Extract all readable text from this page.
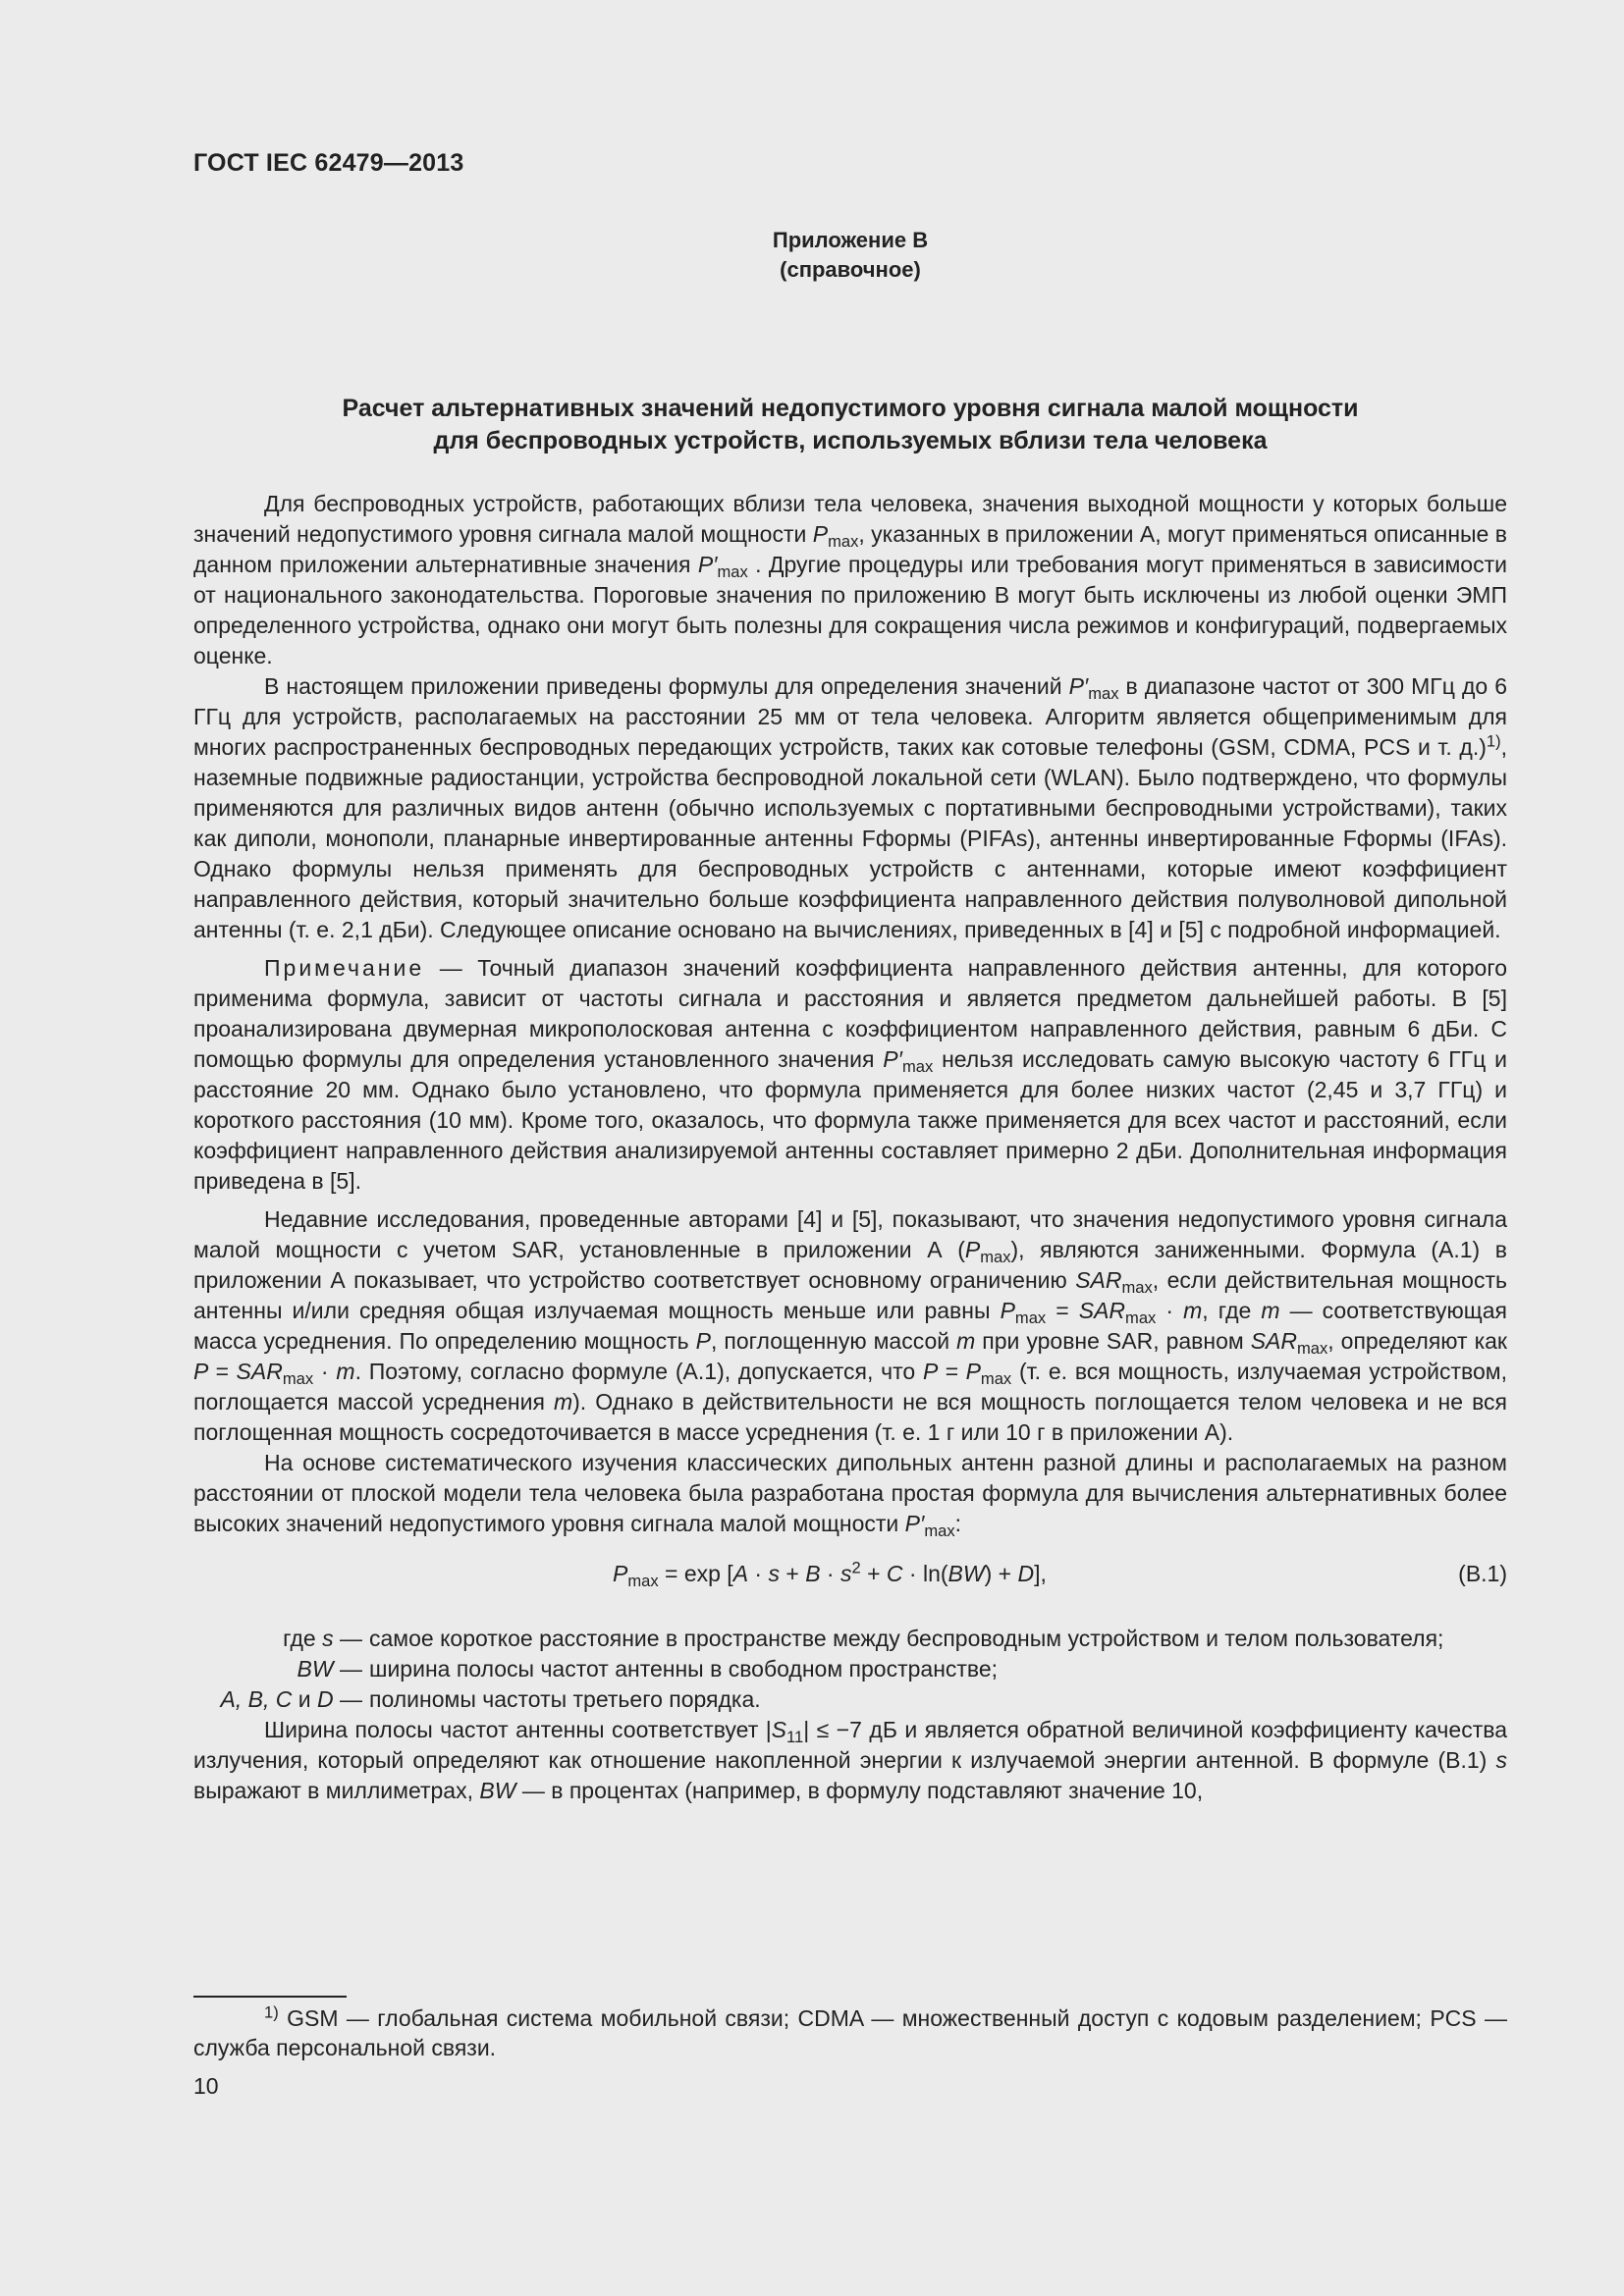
ГОСТ IEC 62479—2013
Приложение В
(справочное)
Расчет альтернативных значений недопустимого уровня сигнала малой мощности
для беспроводных устройств, используемых вблизи тела человека

Для беспроводных устройств, работающих вблизи тела человека, значения выходной мощности у которых больше значений недопустимого уровня сигнала малой мощности $P_{max}$, указанных в приложении А, могут применяться описанные в данном приложении альтернативные значения $P'_{max}$ . Другие процедуры или требования могут применяться в зависимости от национального законодательства. Пороговые значения по приложению В могут быть исключены из любой оценки ЭМП определенного устройства, однако они могут быть полезны для сокращения числа режимов и конфигураций, подвергаемых оценке.

В настоящем приложении приведены формулы для определения значений $P'_{max}$ в диапазоне частот от 300 МГц до 6 ГГц для устройств, располагаемых на расстоянии 25 мм от тела человека. Алгоритм является общеприменимым для многих распространенных беспроводных передающих устройств, таких как сотовые телефоны (GSM, CDMA, PCS и т. д.)$^{1)}$, наземные подвижные радиостанции, устройства беспроводной локальной сети (WLAN). Было подтверждено, что формулы применяются для различных видов антенн (обычно используемых с портативными беспроводными устройствами), таких как диполи, монополи, планарные инвертированные антенны Fформы (PIFAs), антенны инвертированные Fформы (IFAs). Однако формулы нельзя применять для беспроводных устройств с антеннами, которые имеют коэффициент направленного действия, который значительно больше коэффициента направленного действия полуволновой дипольной антенны (т. е. 2,1 дБи). Следующее описание основано на вычислениях, приведенных в [4] и [5] с подробной информацией.

Примечание — Точный диапазон значений коэффициента направленного действия антенны, для которого применима формула, зависит от частоты сигнала и расстояния и является предметом дальнейшей работы. В [5] проанализирована двумерная микрополосковая антенна с коэффициентом направленного действия, равным 6 дБи. С помощью формулы для определения установленного значения $P'_{max}$ нельзя исследовать самую высокую частоту 6 ГГц и расстояние 20 мм. Однако было установлено, что формула применяется для более низких частот (2,45 и 3,7 ГГц) и короткого расстояния (10 мм). Кроме того, оказалось, что формула также применяется для всех частот и расстояний, если коэффициент направленного действия анализируемой антенны составляет примерно 2 дБи. Дополнительная информация приведена в [5].

Недавние исследования, проведенные авторами [4] и [5], показывают, что значения недопустимого уровня сигнала малой мощности с учетом SAR, установленные в приложении А $(P_{max})$, являются заниженными. Формула (А.1) в приложении А показывает, что устройство соответствует основному ограничению $SAR_{max}$, если действительная мощность антенны и/или средняя общая излучаемая мощность меньше или равны $P_{max} = SAR_{max} \cdot m$, где m — соответствующая масса усреднения. По определению мощность P, поглощенную массой m при уровне SAR, равном $SAR_{max}$, определяют как $P = SAR_{max} \cdot m$. Поэтому, согласно формуле (А.1), допускается, что $P = P_{max}$ (т. е. вся мощность, излучаемая устройством, поглощается массой усреднения m). Однако в действительности не вся мощность поглощается телом человека и не вся поглощенная мощность сосредоточивается в массе усреднения (т. е. 1 г или 10 г в приложении А).

На основе систематического изучения классических дипольных антенн разной длины и располагаемых на разном расстоянии от плоской модели тела человека была разработана простая формула для вычисления альтернативных более высоких значений недопустимого уровня сигнала малой мощности $P'_{max}$:

$P_{max} = \exp [A \cdot s + B \cdot s^2 + C \cdot \ln(BW) + D]$,	(В.1)
где s — самое короткое расстояние в пространстве между беспроводным устройством и телом пользователя;
BW — ширина полосы частот антенны в свободном пространстве;
A, B, C и D — полиномы частоты третьего порядка.

Ширина полосы частот антенны соответствует $|S_{11}| \le -7$ дБ и является обратной величиной коэффициенту качества излучения, который определяют как отношение накопленной энергии к излучаемой энергии антенной. В формуле (В.1) s выражают в миллиметрах, BW — в процентах (например, в формулу подставляют значение 10,

$^{1)}$ GSM — глобальная система мобильной связи; CDMA — множественный доступ с кодовым разделением; PCS — служба персональной связи.

10
